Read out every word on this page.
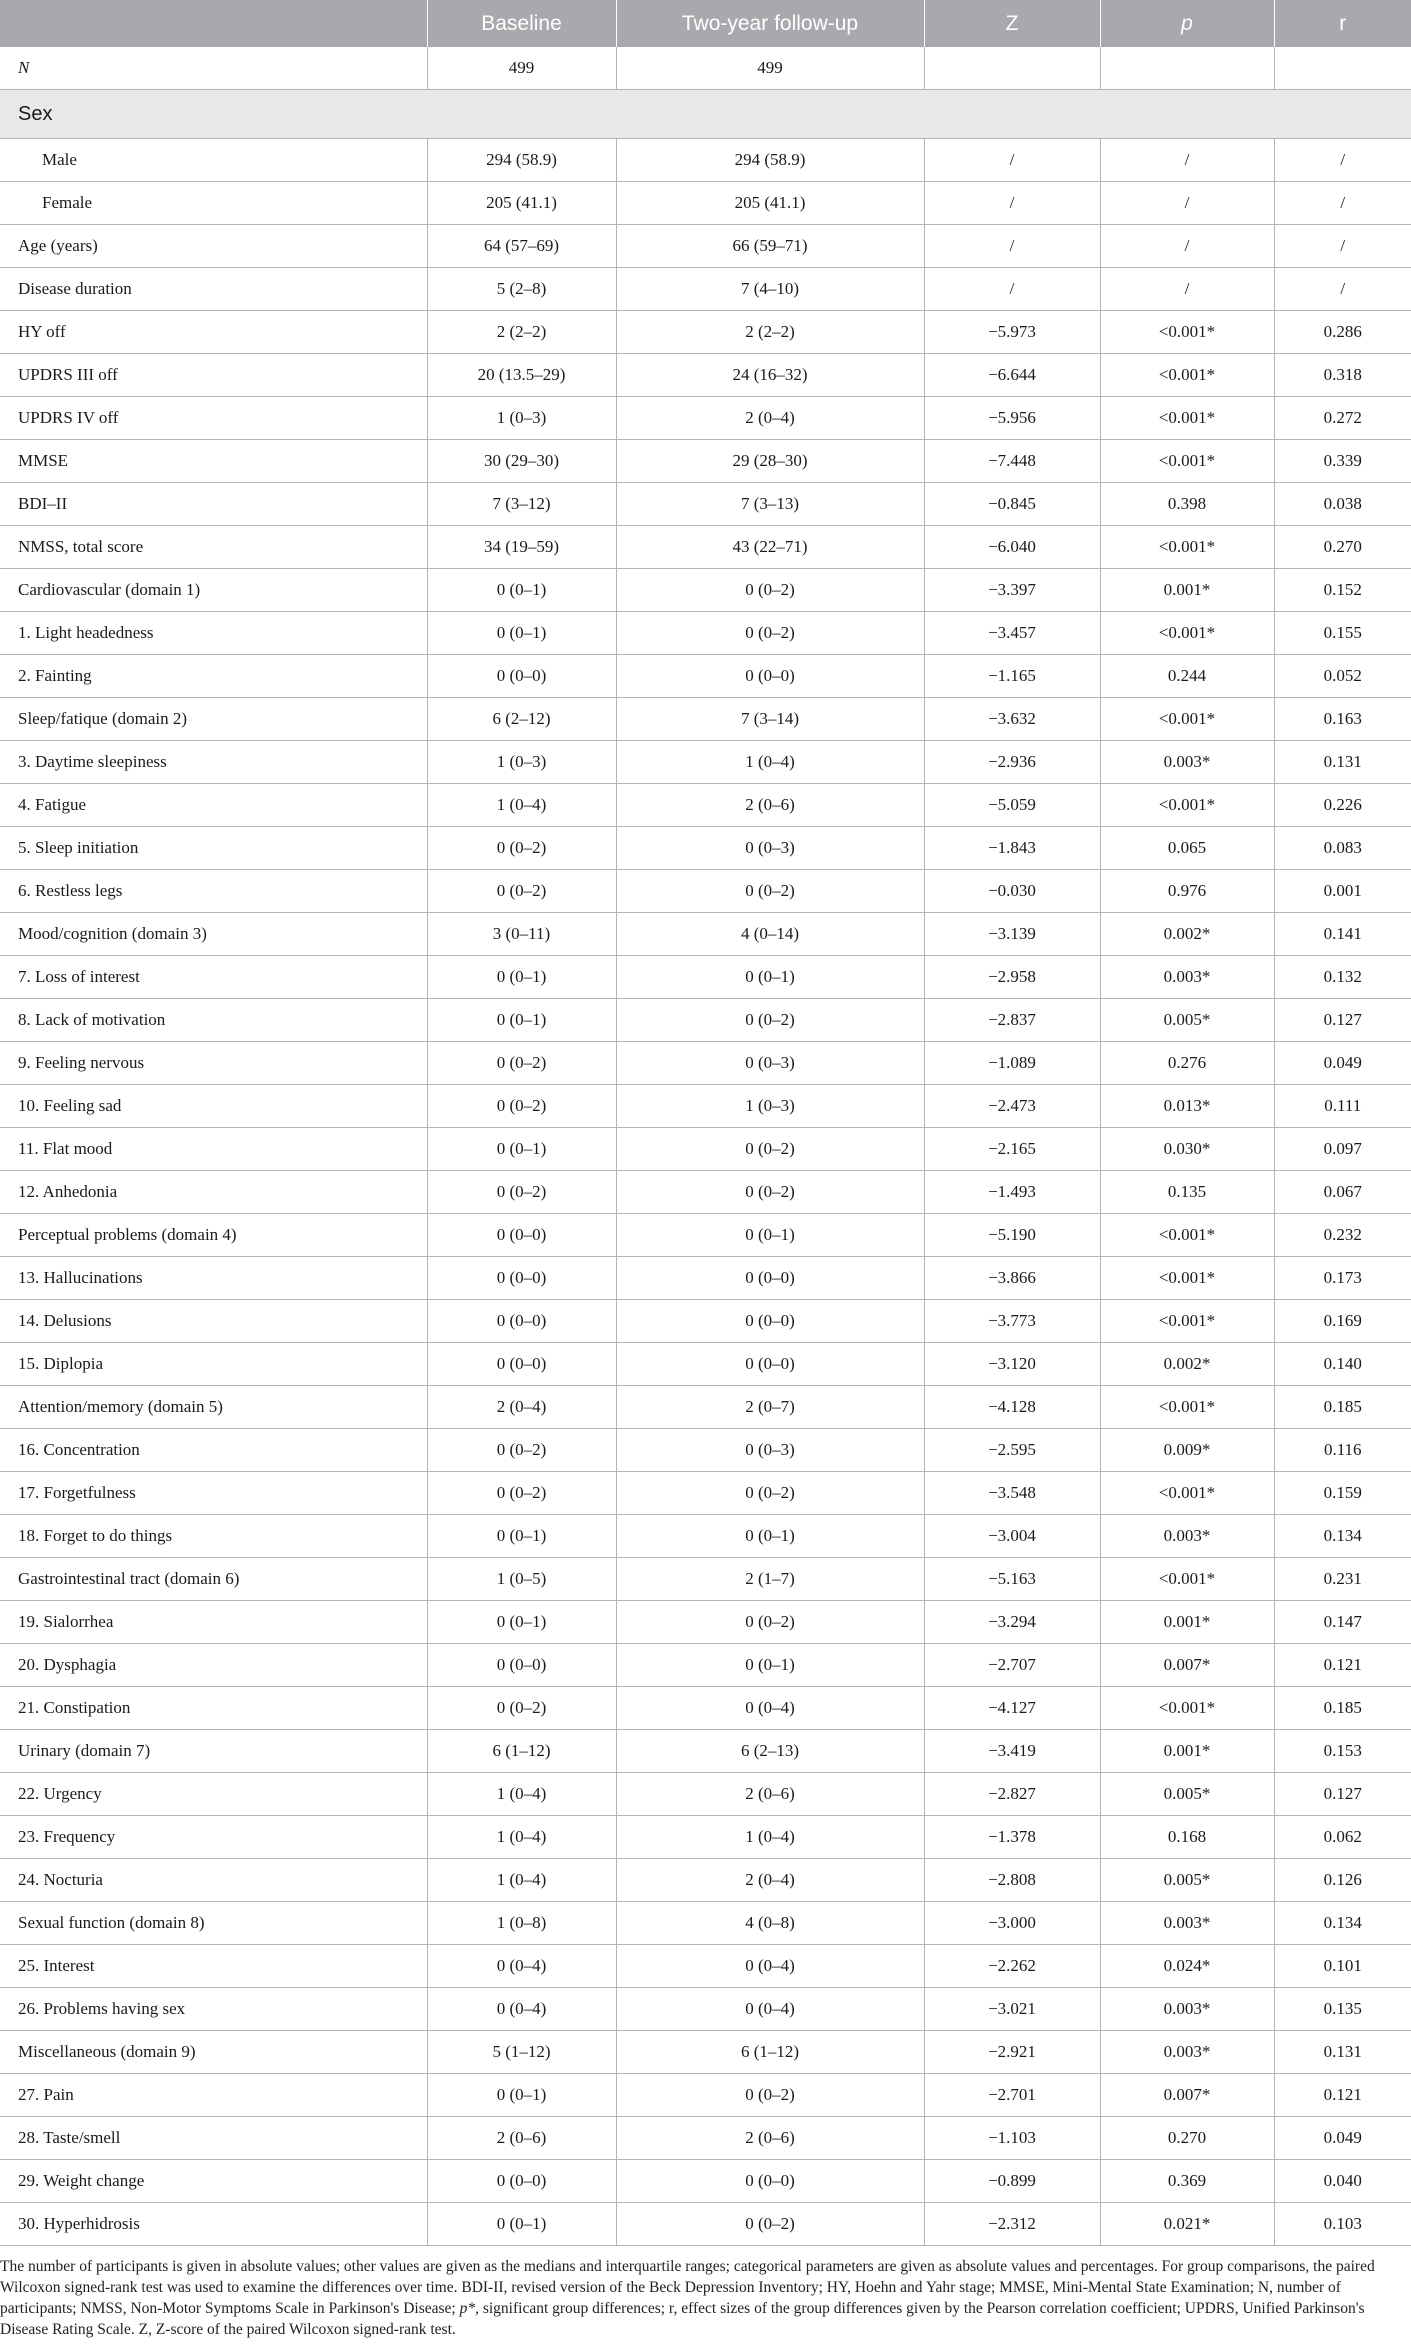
	Baseline	Two-year follow-up	Z	p	r
N	499	499			
Sex					
Male	294 (58.9)	294 (58.9)	/	/	/
Female	205 (41.1)	205 (41.1)	/	/	/
Age (years)	64 (57–69)	66 (59–71)	/	/	/
Disease duration	5 (2–8)	7 (4–10)	/	/	/
HY off	2 (2–2)	2 (2–2)	−5.973	<0.001*	0.286
UPDRS III off	20 (13.5–29)	24 (16–32)	−6.644	<0.001*	0.318
UPDRS IV off	1 (0–3)	2 (0–4)	−5.956	<0.001*	0.272
MMSE	30 (29–30)	29 (28–30)	−7.448	<0.001*	0.339
BDI–II	7 (3–12)	7 (3–13)	−0.845	0.398	0.038
NMSS, total score	34 (19–59)	43 (22–71)	−6.040	<0.001*	0.270
Cardiovascular (domain 1)	0 (0–1)	0 (0–2)	−3.397	0.001*	0.152
1. Light headedness	0 (0–1)	0 (0–2)	−3.457	<0.001*	0.155
2. Fainting	0 (0–0)	0 (0–0)	−1.165	0.244	0.052
Sleep/fatique (domain 2)	6 (2–12)	7 (3–14)	−3.632	<0.001*	0.163
3. Daytime sleepiness	1 (0–3)	1 (0–4)	−2.936	0.003*	0.131
4. Fatigue	1 (0–4)	2 (0–6)	−5.059	<0.001*	0.226
5. Sleep initiation	0 (0–2)	0 (0–3)	−1.843	0.065	0.083
6. Restless legs	0 (0–2)	0 (0–2)	−0.030	0.976	0.001
Mood/cognition (domain 3)	3 (0–11)	4 (0–14)	−3.139	0.002*	0.141
7. Loss of interest	0 (0–1)	0 (0–1)	−2.958	0.003*	0.132
8. Lack of motivation	0 (0–1)	0 (0–2)	−2.837	0.005*	0.127
9. Feeling nervous	0 (0–2)	0 (0–3)	−1.089	0.276	0.049
10. Feeling sad	0 (0–2)	1 (0–3)	−2.473	0.013*	0.111
11. Flat mood	0 (0–1)	0 (0–2)	−2.165	0.030*	0.097
12. Anhedonia	0 (0–2)	0 (0–2)	−1.493	0.135	0.067
Perceptual problems (domain 4)	0 (0–0)	0 (0–1)	−5.190	<0.001*	0.232
13. Hallucinations	0 (0–0)	0 (0–0)	−3.866	<0.001*	0.173
14. Delusions	0 (0–0)	0 (0–0)	−3.773	<0.001*	0.169
15. Diplopia	0 (0–0)	0 (0–0)	−3.120	0.002*	0.140
Attention/memory (domain 5)	2 (0–4)	2 (0–7)	−4.128	<0.001*	0.185
16. Concentration	0 (0–2)	0 (0–3)	−2.595	0.009*	0.116
17. Forgetfulness	0 (0–2)	0 (0–2)	−3.548	<0.001*	0.159
18. Forget to do things	0 (0–1)	0 (0–1)	−3.004	0.003*	0.134
Gastrointestinal tract (domain 6)	1 (0–5)	2 (1–7)	−5.163	<0.001*	0.231
19. Sialorrhea	0 (0–1)	0 (0–2)	−3.294	0.001*	0.147
20. Dysphagia	0 (0–0)	0 (0–1)	−2.707	0.007*	0.121
21. Constipation	0 (0–2)	0 (0–4)	−4.127	<0.001*	0.185
Urinary (domain 7)	6 (1–12)	6 (2–13)	−3.419	0.001*	0.153
22. Urgency	1 (0–4)	2 (0–6)	−2.827	0.005*	0.127
23. Frequency	1 (0–4)	1 (0–4)	−1.378	0.168	0.062
24. Nocturia	1 (0–4)	2 (0–4)	−2.808	0.005*	0.126
Sexual function (domain 8)	1 (0–8)	4 (0–8)	−3.000	0.003*	0.134
25. Interest	0 (0–4)	0 (0–4)	−2.262	0.024*	0.101
26. Problems having sex	0 (0–4)	0 (0–4)	−3.021	0.003*	0.135
Miscellaneous (domain 9)	5 (1–12)	6 (1–12)	−2.921	0.003*	0.131
27. Pain	0 (0–1)	0 (0–2)	−2.701	0.007*	0.121
28. Taste/smell	2 (0–6)	2 (0–6)	−1.103	0.270	0.049
29. Weight change	0 (0–0)	0 (0–0)	−0.899	0.369	0.040
30. Hyperhidrosis	0 (0–1)	0 (0–2)	−2.312	0.021*	0.103

The number of participants is given in absolute values; other values are given as the medians and interquartile ranges; categorical parameters are given as absolute values and percentages. For group comparisons, the paired Wilcoxon signed-rank test was used to examine the differences over time. BDI-II, revised version of the Beck Depression Inventory; HY, Hoehn and Yahr stage; MMSE, Mini-Mental State Examination; N, number of participants; NMSS, Non-Motor Symptoms Scale in Parkinson's Disease; p*, significant group differences; r, effect sizes of the group differences given by the Pearson correlation coefficient; UPDRS, Unified Parkinson's Disease Rating Scale. Z, Z-score of the paired Wilcoxon signed-rank test.
